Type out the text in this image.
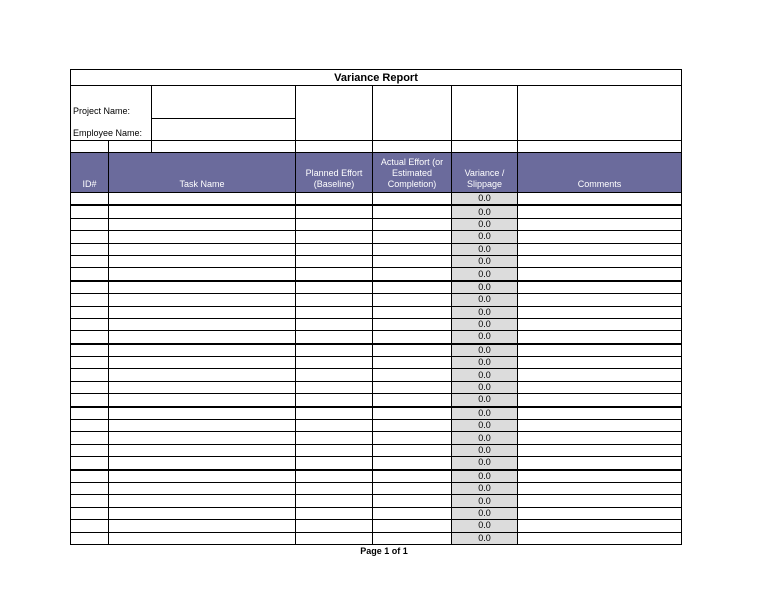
Variance Report						
Project Name:						
Employee Name:						

ID#	Task Name		Planned Effort (Baseline)	Actual Effort (or Estimated Completion)	Variance / Slippage	Comments
					0.0	
					0.0	
					0.0	
					0.0	
					0.0	
					0.0	
					0.0	
					0.0	
					0.0	
					0.0	
					0.0	
					0.0	
					0.0	
					0.0	
					0.0	
					0.0	
					0.0	
					0.0	
					0.0	
					0.0	
					0.0	
					0.0	
					0.0	
					0.0	
					0.0	
					0.0	
					0.0	
					0.0	
Page 1 of 1
